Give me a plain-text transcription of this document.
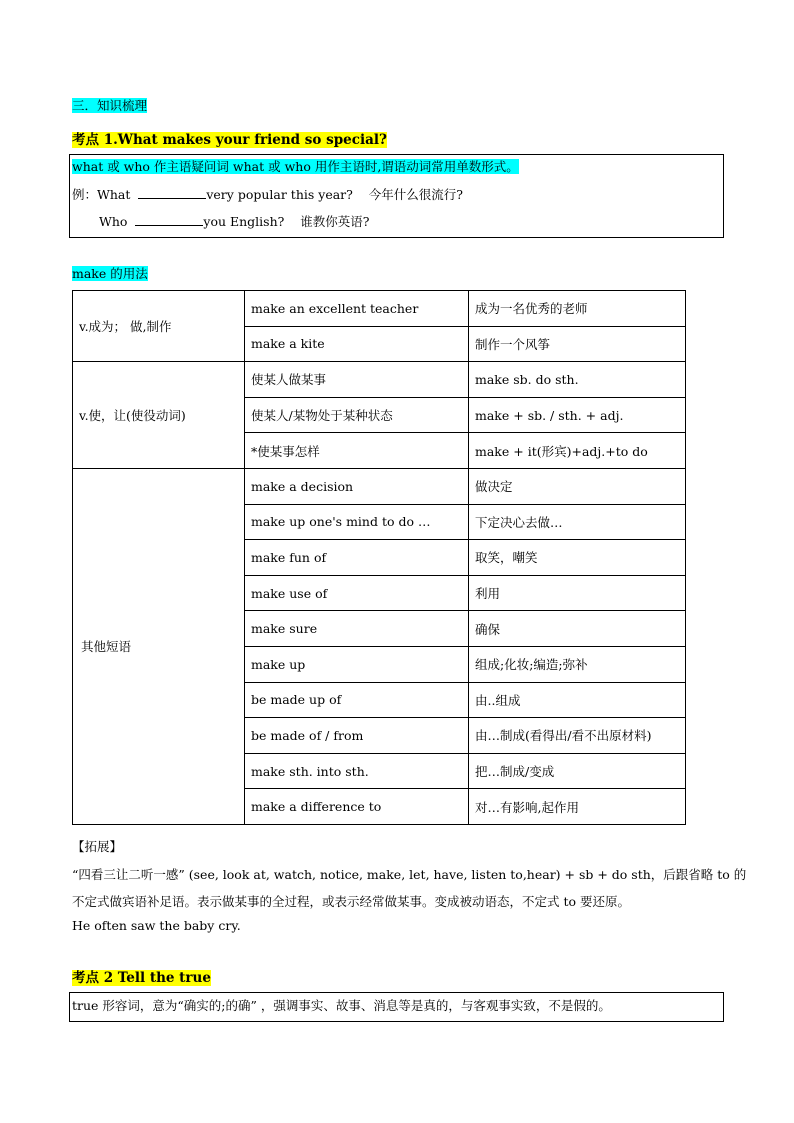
三．知识梳理
考点 1.What makes your friend so special?
what 或 who 作主语疑问词 what 或 who 用作主语时,谓语动词常用单数形式。
例：What	very popular this year? 今年什么很流行?
Who	you English? 谁教你英语?
make 的用法
v.成为； 做,制作	make an excellent teacher	成为一名优秀的老师
	make a kite	制作一个风筝
v.使，让(使役动词)	使某人做某事	make sb. do sth.
	使某人/某物处于某种状态	make + sb. / sth. + adj.
	*使某事怎样	make + it(形宾)+adj.+to do
其他短语	make a decision	做决定
	make up one's mind to do …	下定决心去做…
	make fun of	取笑，嘲笑
	make use of	利用
	make sure	确保
	make up	组成;化妆;编造;弥补
	be made up of	由..组成
	be made of / from	由…制成(看得出/看不出原材料)
	make sth. into sth.	把…制成/变成
	make a difference to	对…有影响,起作用
【拓展】
“四看三让二听一感” (see, look at, watch, notice, make, let, have, listen to,hear) + sb + do sth，后跟省略 to 的
不定式做宾语补足语。表示做某事的全过程，或表示经常做某事。变成被动语态，不定式 to 要还原。
He often saw the baby cry.
考点 2 Tell the true
true 形容词，意为“确实的;的确” ，强调事实、故事、消息等是真的，与客观事实致，不是假的。
